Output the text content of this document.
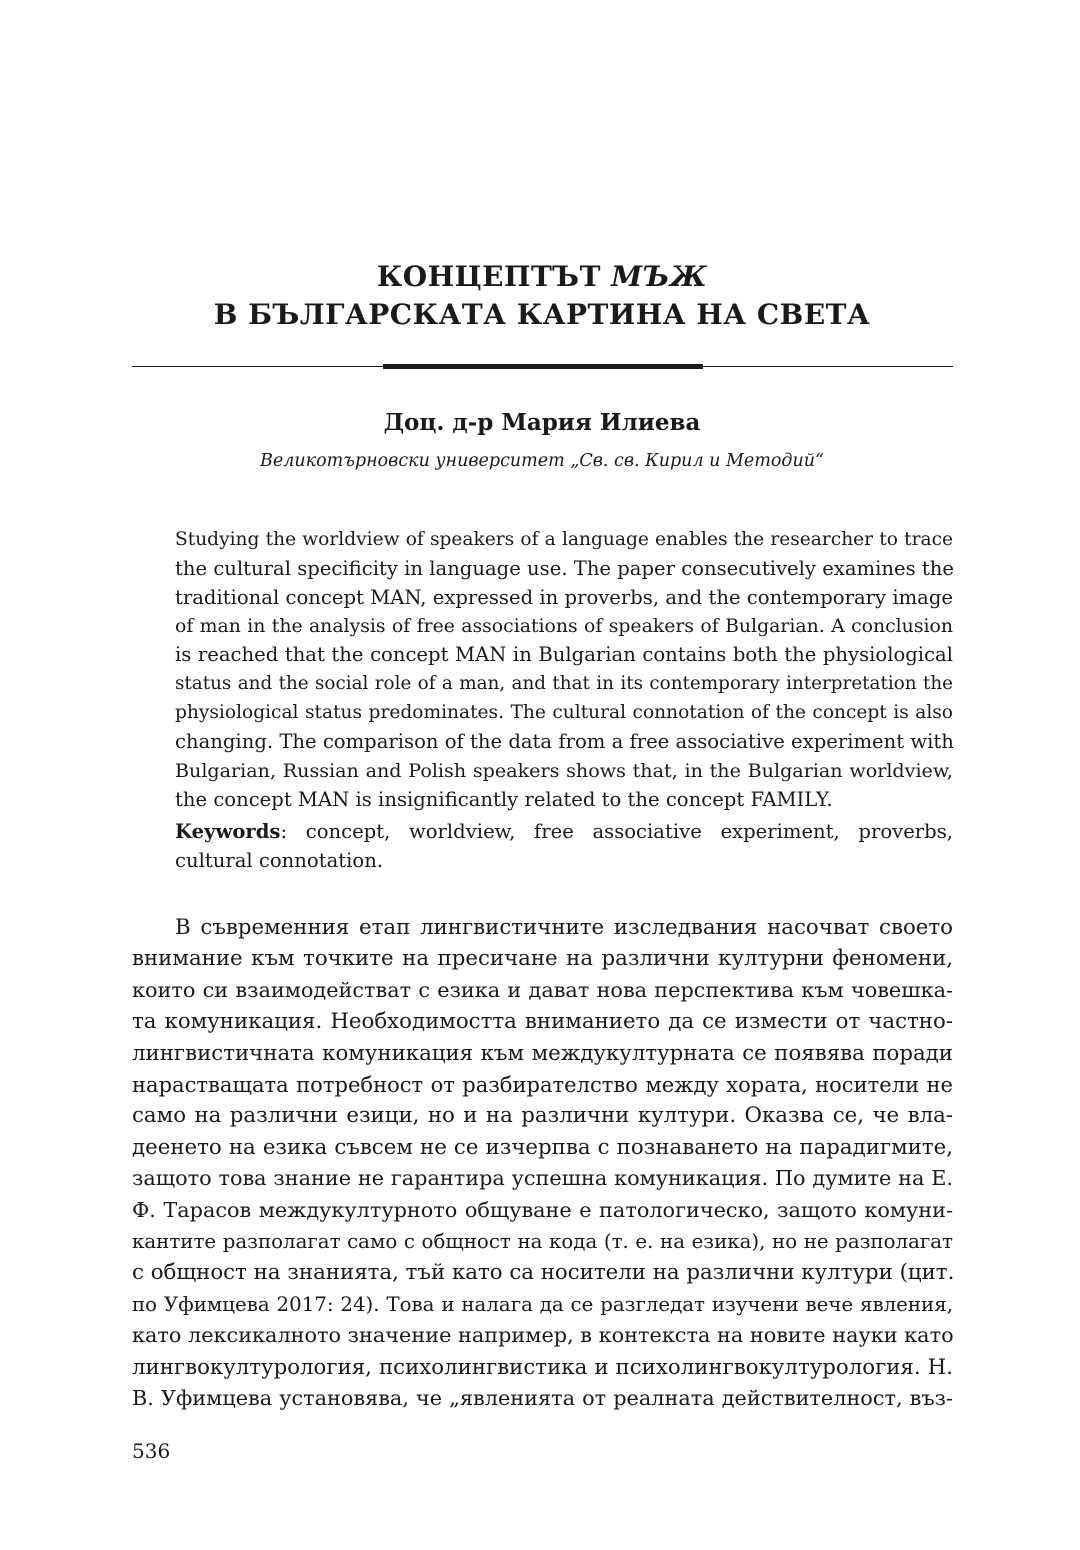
КОНЦЕПТЪТ МЪЖ
В БЪЛГАРСКАТА КАРТИНА НА СВЕТА
Доц. д-р Мария Илиева
Великотърновски университет „Св. св. Кирил и Методий“

Studying the worldview of speakers of a language enables the researcher to trace
the cultural specificity in language use. The paper consecutively examines the
traditional concept MAN, expressed in proverbs, and the contemporary image
of man in the analysis of free associations of speakers of Bulgarian. A conclusion
is reached that the concept MAN in Bulgarian contains both the physiological
status and the social role of a man, and that in its contemporary interpretation the
physiological status predominates. The cultural connotation of the concept is also
changing. The comparison of the data from a free associative experiment with
Bulgarian, Russian and Polish speakers shows that, in the Bulgarian worldview,
the concept MAN is insignificantly related to the concept FAMILY.

Keywords: concept, worldview, free associative experiment, proverbs, cultural connotation.
В съвременния етап лингвистичните изследвания насочват своето
внимание към точките на пресичане на различни културни феномени,
които си взаимодействат с езика и дават нова перспектива към човешка-
та комуникация. Необходимостта вниманието да се измести от частно-
лингвистичната комуникация към междукултурната се появява поради
нарастващата потребност от разбирателство между хората, носители не
само на различни езици, но и на различни култури. Оказва се, че вла-
деенето на езика съвсем не се изчерпва с познаването на парадигмите,
защото това знание не гарантира успешна комуникация. По думите на Е.
Ф. Тарасов междукултурното общуване е патологическо, защото комуни-
кантите разполагат само с общност на кода (т. е. на езика), но не разполагат
с общност на знанията, тъй като са носители на различни култури (цит.
по Уфимцева 2017: 24). Това и налага да се разгледат изучени вече явления,
като лексикалното значение например, в контекста на новите науки като
лингвокултурология, психолингвистика и психолингвокултурология. Н.
В. Уфимцева установява, че „явленията от реалната действителност, въз-
536
